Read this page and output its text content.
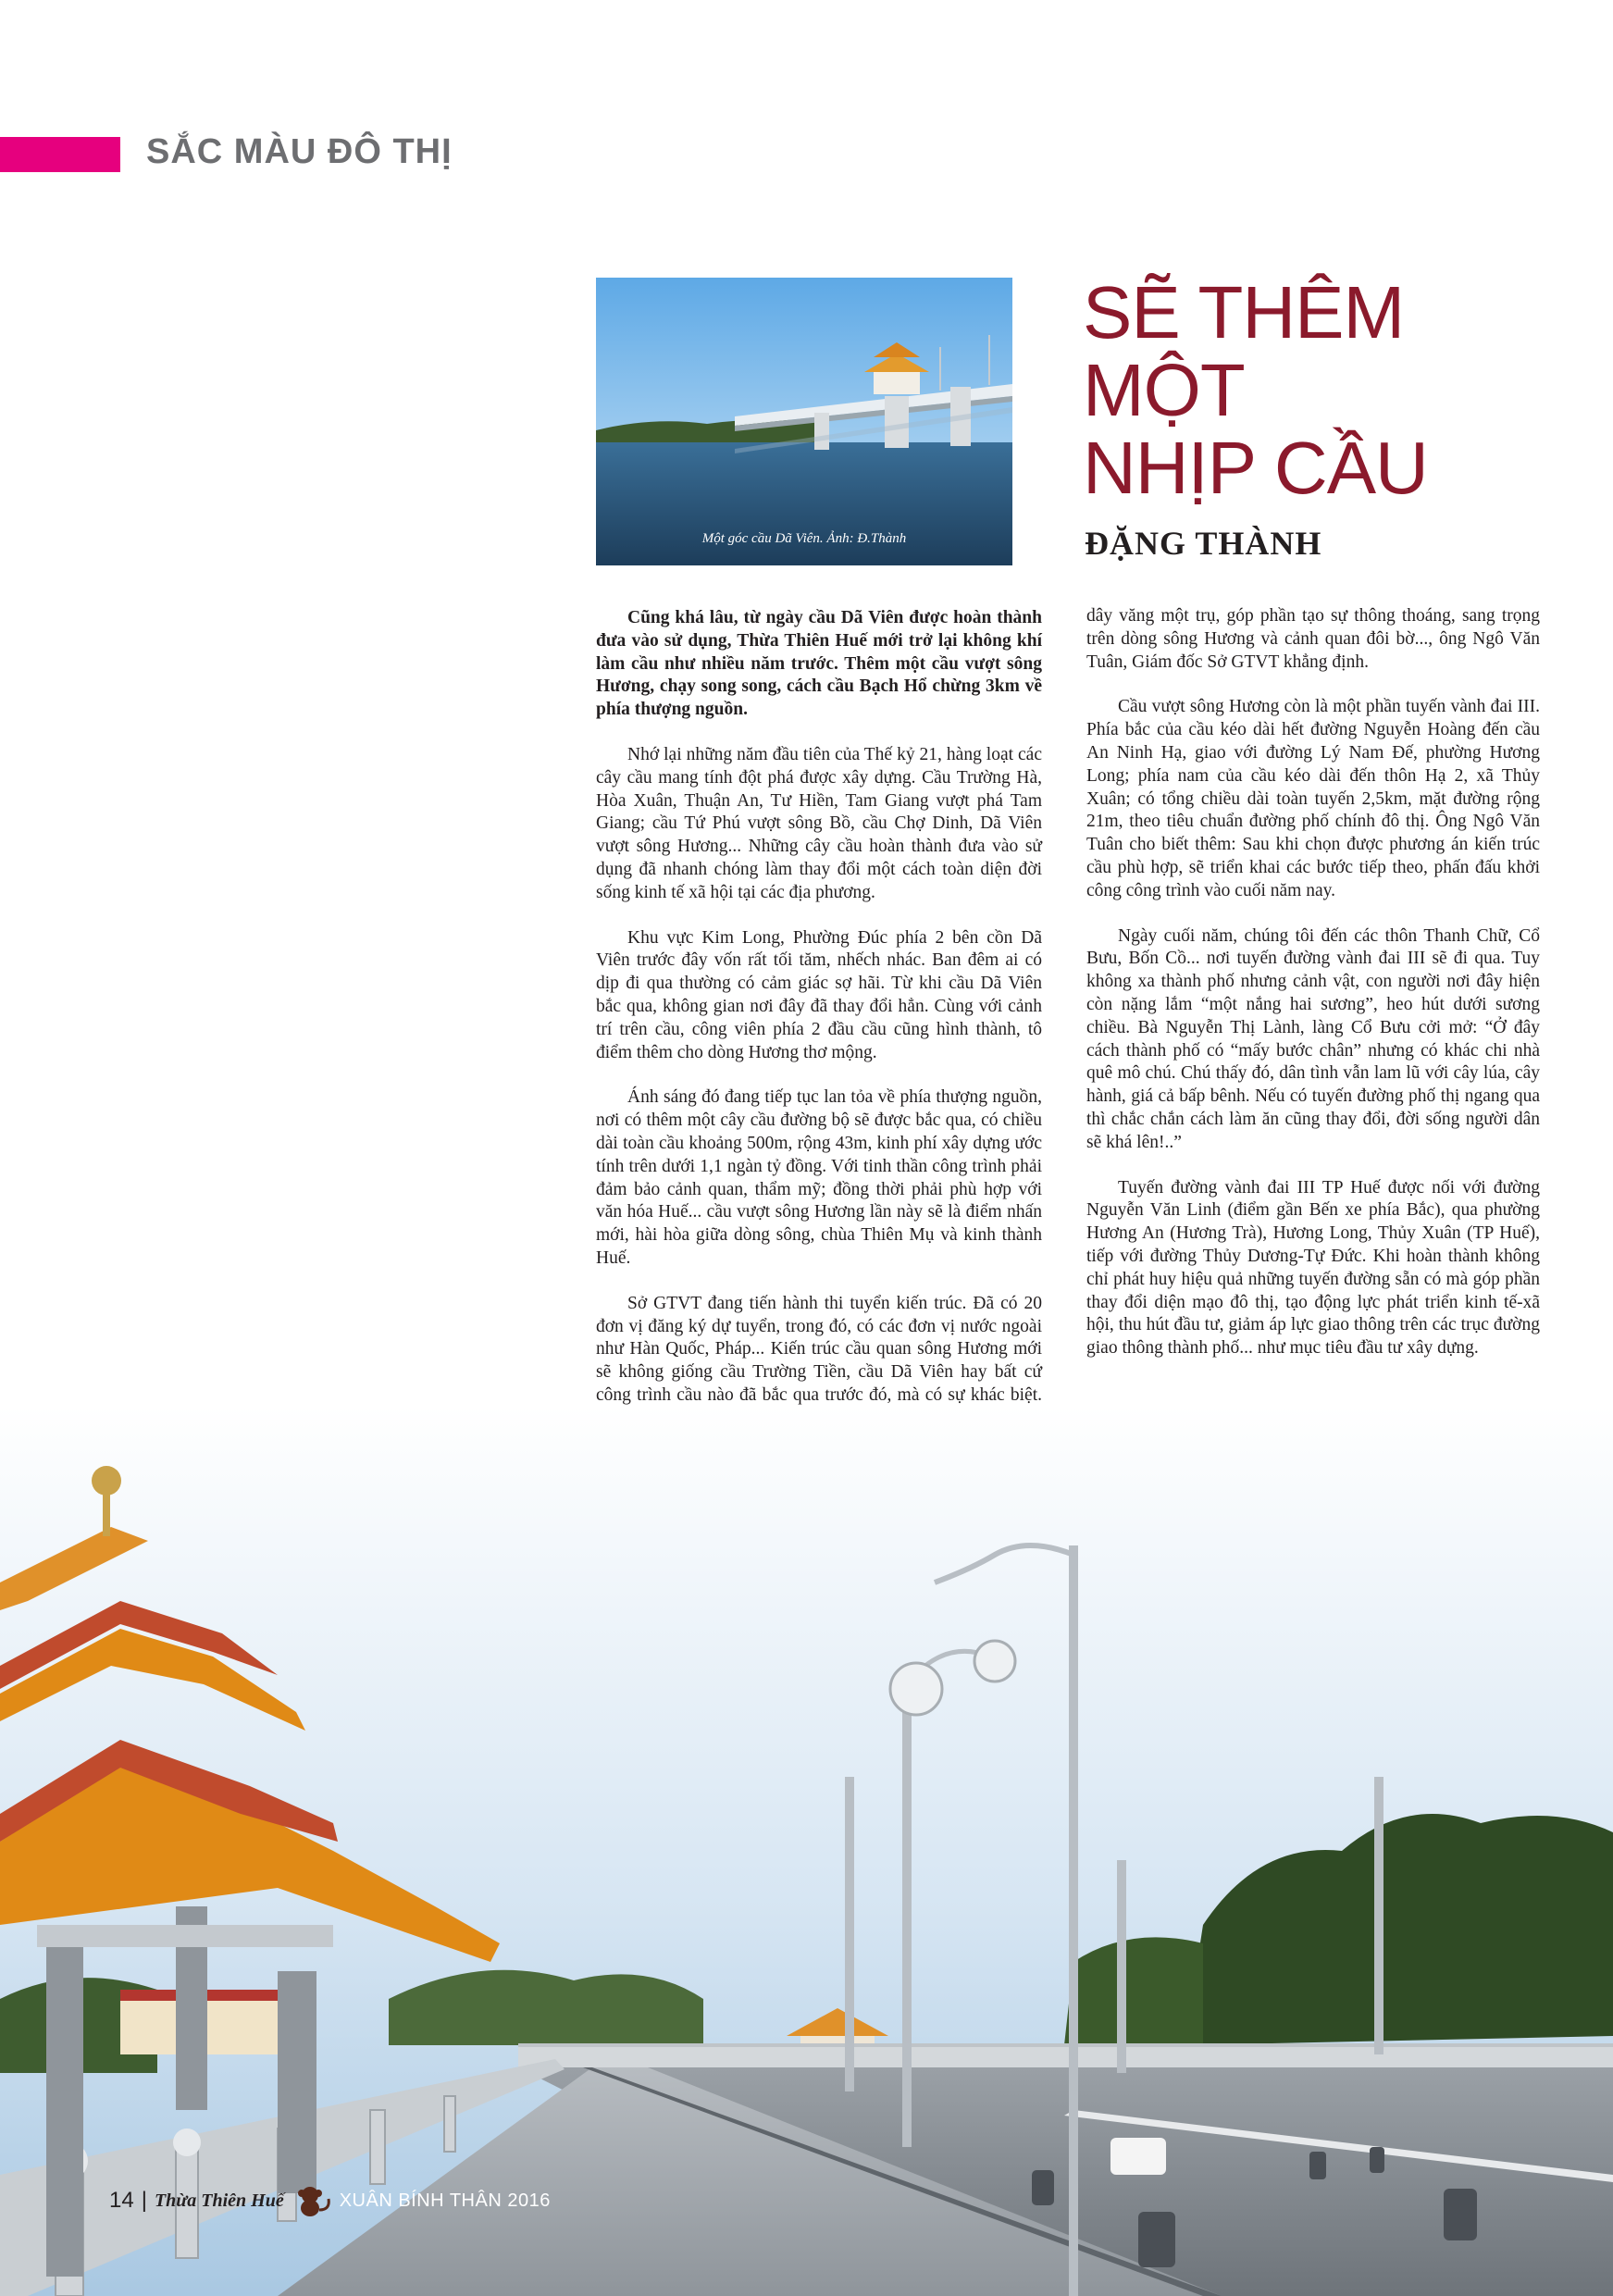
SẮC MÀU ĐÔ THỊ
Một góc cầu Dã Viên. Ảnh: Đ.Thành
SẼ THÊM
MỘT
NHỊP CẦU
ĐẶNG THÀNH

Cũng khá lâu, từ ngày cầu Dã Viên được hoàn thành đưa vào sử dụng, Thừa Thiên Huế mới trở lại không khí làm cầu như nhiều năm trước. Thêm một cầu vượt sông Hương, chạy song song, cách cầu Bạch Hổ chừng 3km về phía thượng nguồn.

Nhớ lại những năm đầu tiên của Thế kỷ 21, hàng loạt các cây cầu mang tính đột phá được xây dựng. Cầu Trường Hà, Hòa Xuân, Thuận An, Tư Hiền, Tam Giang vượt phá Tam Giang; cầu Tứ Phú vượt sông Bồ, cầu Chợ Dinh, Dã Viên vượt sông Hương... Những cây cầu hoàn thành đưa vào sử dụng đã nhanh chóng làm thay đổi một cách toàn diện đời sống kinh tế xã hội tại các địa phương.

Khu vực Kim Long, Phường Đúc phía 2 bên cồn Dã Viên trước đây vốn rất tối tăm, nhếch nhác. Ban đêm ai có dịp đi qua thường có cảm giác sợ hãi. Từ khi cầu Dã Viên bắc qua, không gian nơi đây đã thay đổi hẳn. Cùng với cảnh trí trên cầu, công viên phía 2 đầu cầu cũng hình thành, tô điểm thêm cho dòng Hương thơ mộng.

Ánh sáng đó đang tiếp tục lan tỏa về phía thượng nguồn, nơi có thêm một cây cầu đường bộ sẽ được bắc qua, có chiều dài toàn cầu khoảng 500m, rộng 43m, kinh phí xây dựng ước tính trên dưới 1,1 ngàn tỷ đồng. Với tinh thần công trình phải đảm bảo cảnh quan, thẩm mỹ; đồng thời phải phù hợp với văn hóa Huế... cầu vượt sông Hương lần này sẽ là điểm nhấn mới, hài hòa giữa dòng sông, chùa Thiên Mụ và kinh thành Huế.

Sở GTVT đang tiến hành thi tuyển kiến trúc. Đã có 20 đơn vị đăng ký dự tuyển, trong đó, có các đơn vị nước ngoài như Hàn Quốc, Pháp... Kiến trúc cầu quan sông Hương mới sẽ không giống cầu Trường Tiền, cầu Dã Viên hay bất cứ công trình cầu nào đã bắc qua trước đó, mà có sự khác biệt.

dây văng một trụ, góp phần tạo sự thông thoáng, sang trọng trên dòng sông Hương và cảnh quan đôi bờ..., ông Ngô Văn Tuân, Giám đốc Sở GTVT khẳng định.

Cầu vượt sông Hương còn là một phần tuyến vành đai III. Phía bắc của cầu kéo dài hết đường Nguyễn Hoàng đến cầu An Ninh Hạ, giao với đường Lý Nam Đế, phường Hương Long; phía nam của cầu kéo dài đến thôn Hạ 2, xã Thủy Xuân; có tổng chiều dài toàn tuyến 2,5km, mặt đường rộng 21m, theo tiêu chuẩn đường phố chính đô thị. Ông Ngô Văn Tuân cho biết thêm: Sau khi chọn được phương án kiến trúc cầu phù hợp, sẽ triển khai các bước tiếp theo, phấn đấu khởi công công trình vào cuối năm nay.

Ngày cuối năm, chúng tôi đến các thôn Thanh Chữ, Cổ Bưu, Bốn Cồ... nơi tuyến đường vành đai III sẽ đi qua. Tuy không xa thành phố nhưng cảnh vật, con người nơi đây hiện còn nặng lắm “một nắng hai sương”, heo hút dưới sương chiều. Bà Nguyễn Thị Lành, làng Cổ Bưu cởi mở: “Ở đây cách thành phố có “mấy bước chân” nhưng có khác chi nhà quê mô chú. Chú thấy đó, dân tình vẫn lam lũ với cây lúa, cây hành, giá cả bấp bênh. Nếu có tuyến đường phố thị ngang qua thì chắc chắn cách làm ăn cũng thay đổi, đời sống người dân sẽ khá lên!..”

Tuyến đường vành đai III TP Huế được nối với đường Nguyễn Văn Linh (điểm gần Bến xe phía Bắc), qua phường Hương An (Hương Trà), Hương Long, Thủy Xuân (TP Huế), tiếp với đường Thủy Dương-Tự Đức. Khi hoàn thành không chỉ phát huy hiệu quả những tuyến đường sẵn có mà góp phần thay đổi diện mạo đô thị, tạo động lực phát triển kinh tế-xã hội, thu hút đầu tư, giảm áp lực giao thông trên các trục đường giao thông thành phố... như mục tiêu đầu tư xây dựng.

14 | Thừa Thiên Huế	XUÂN BÍNH THÂN 2016
